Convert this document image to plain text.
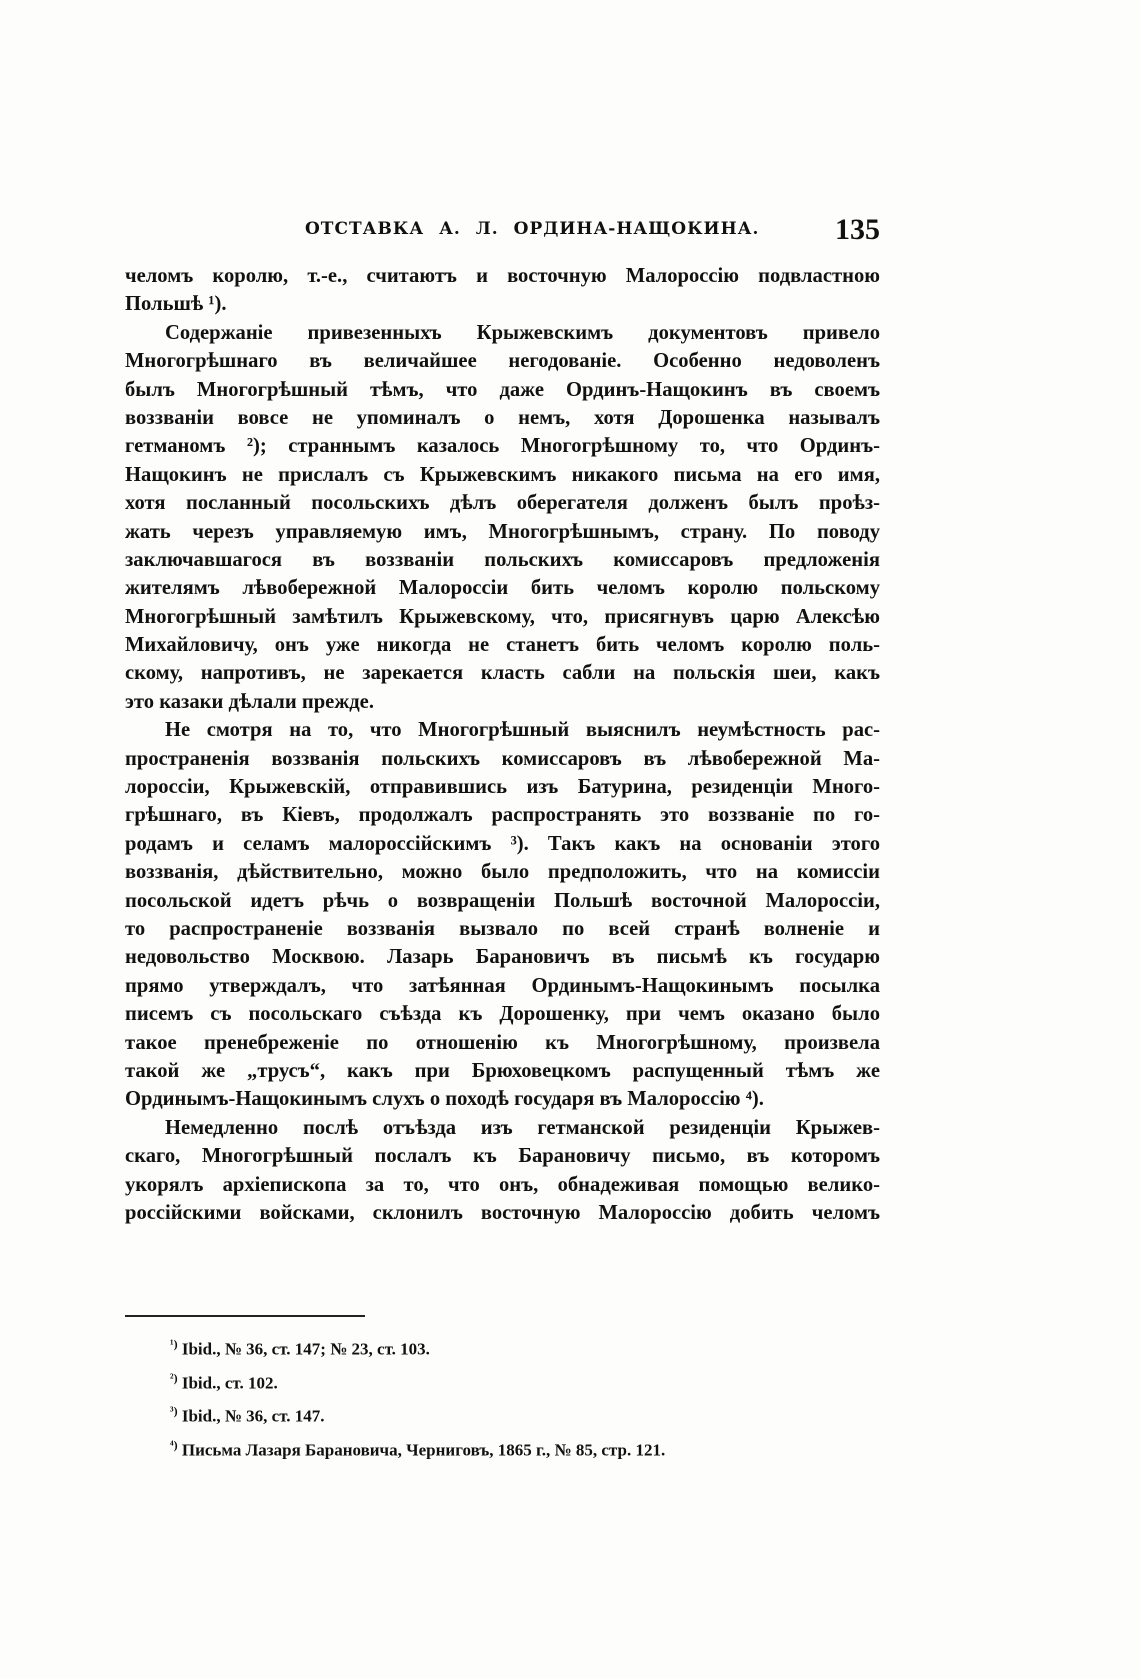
ОТСТАВКА А. Л. ОРДИНА-НАЩОКИНА.	135
челомъ королю, т.-е., считаютъ и восточную Малороссію подвластною
Польшѣ ¹).
Содержаніе привезенныхъ Крыжевскимъ документовъ привело
Многогрѣшнаго въ величайшее негодованіе. Особенно недоволенъ
былъ Многогрѣшный тѣмъ, что даже Ординъ-Нащокинъ въ своемъ
воззваніи вовсе не упоминалъ о немъ, хотя Дорошенка называлъ
гетманомъ ²); страннымъ казалось Многогрѣшному то, что Ординъ-
Нащокинъ не прислалъ съ Крыжевскимъ никакого письма на его имя,
хотя посланный посольскихъ дѣлъ оберегателя долженъ былъ проѣз-
жать черезъ управляемую имъ, Многогрѣшнымъ, страну. По поводу
заключавшагося въ воззваніи польскихъ комиссаровъ предложенія
жителямъ лѣвобережной Малороссіи бить челомъ королю польскому
Многогрѣшный замѣтилъ Крыжевскому, что, присягнувъ царю Алексѣю
Михайловичу, онъ уже никогда не станетъ бить челомъ королю поль-
скому, напротивъ, не зарекается класть сабли на польскія шеи, какъ
это казаки дѣлали прежде.
Не смотря на то, что Многогрѣшный выяснилъ неумѣстность рас-
пространенія воззванія польскихъ комиссаровъ въ лѣвобережной Ма-
лороссіи, Крыжевскій, отправившись изъ Батурина, резиденціи Много-
грѣшнаго, въ Кіевъ, продолжалъ распространять это воззваніе по го-
родамъ и селамъ малороссійскимъ ³). Такъ какъ на основаніи этого
воззванія, дѣйствительно, можно было предположить, что на комиссіи
посольской идетъ рѣчь о возвращеніи Польшѣ восточной Малороссіи,
то распространеніе воззванія вызвало по всей странѣ волненіе и
недовольство Москвою. Лазарь Барановичъ въ письмѣ къ государю
прямо утверждалъ, что затѣянная Ординымъ-Нащокинымъ посылка
писемъ съ посольскаго съѣзда къ Дорошенку, при чемъ оказано было
такое пренебреженіе по отношенію къ Многогрѣшному, произвела
такой же „трусъ“, какъ при Брюховецкомъ распущенный тѣмъ же
Ординымъ-Нащокинымъ слухъ о походѣ государя въ Малороссію ⁴).
Немедленно послѣ отъѣзда изъ гетманской резиденціи Крыжев-
скаго, Многогрѣшный послалъ къ Барановичу письмо, въ которомъ
укорялъ архіепископа за то, что онъ, обнадеживая помощью велико-
россійскими войсками, склонилъ восточную Малороссію добить челомъ
$^{^1)}$ Ibid., № 36, ст. 147; № 23, ст. 103.
$^{^2)}$ Ibid., ст. 102.
$^{^3)}$ Ibid., № 36, ст. 147.
$^{^4)}$ Письма Лазаря Барановича, Черниговъ, 1865 г., № 85, стр. 121.
